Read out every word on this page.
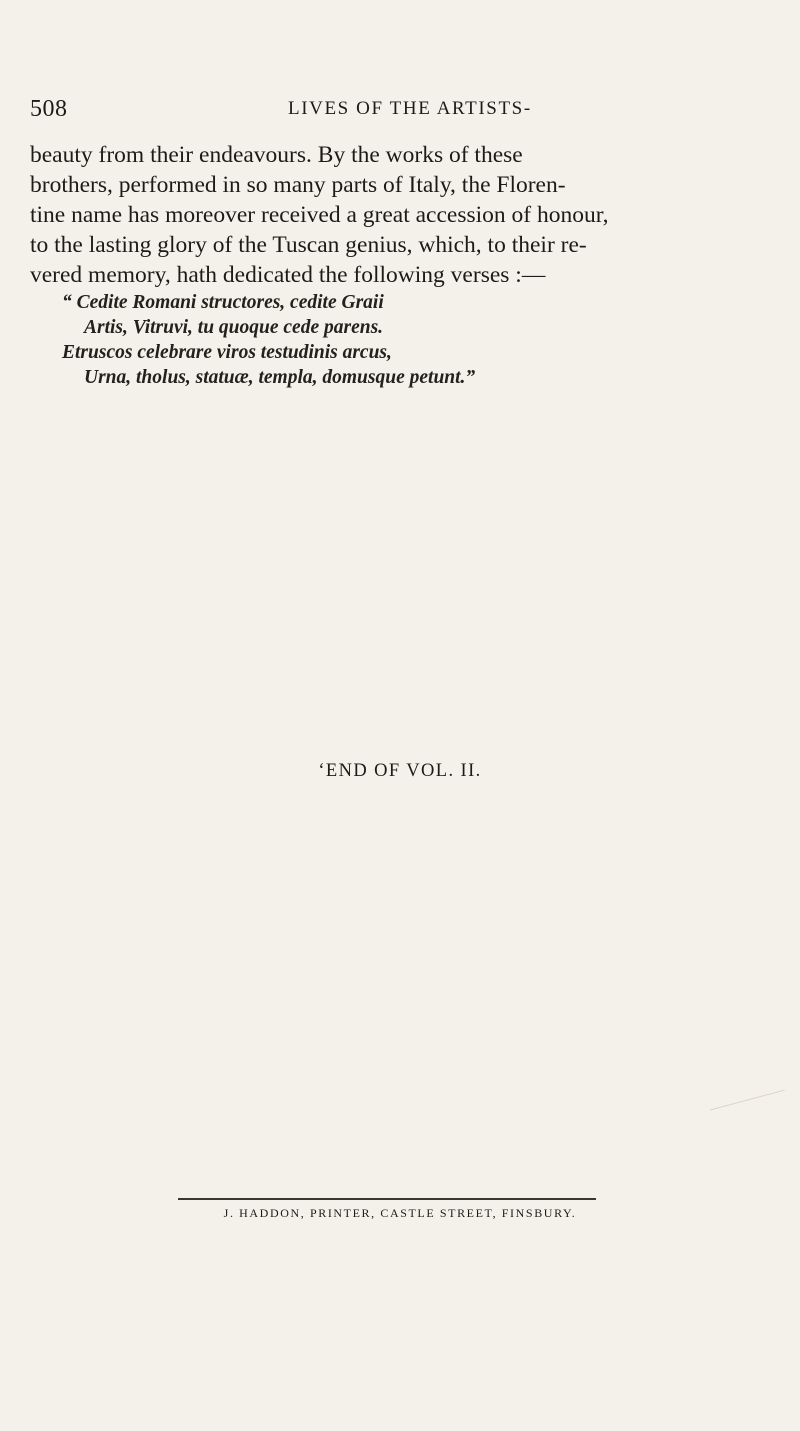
508	LIVES OF THE ARTISTS-
beauty from their endeavours. By the works of these
brothers, performed in so many parts of Italy, the Floren-
tine name has moreover received a great accession of honour,
to the lasting glory of the Tuscan genius, which, to their re-
vered memory, hath dedicated the following verses :—
“ Cedite Romani structores, cedite Graii
Artis, Vitruvi, tu quoque cede parens.
Etruscos celebrare viros testudinis arcus,
Urna, tholus, statuæ, templa, domusque petunt.”
‘END OF VOL. II.
J. HADDON, PRINTER, CASTLE STREET, FINSBURY.
